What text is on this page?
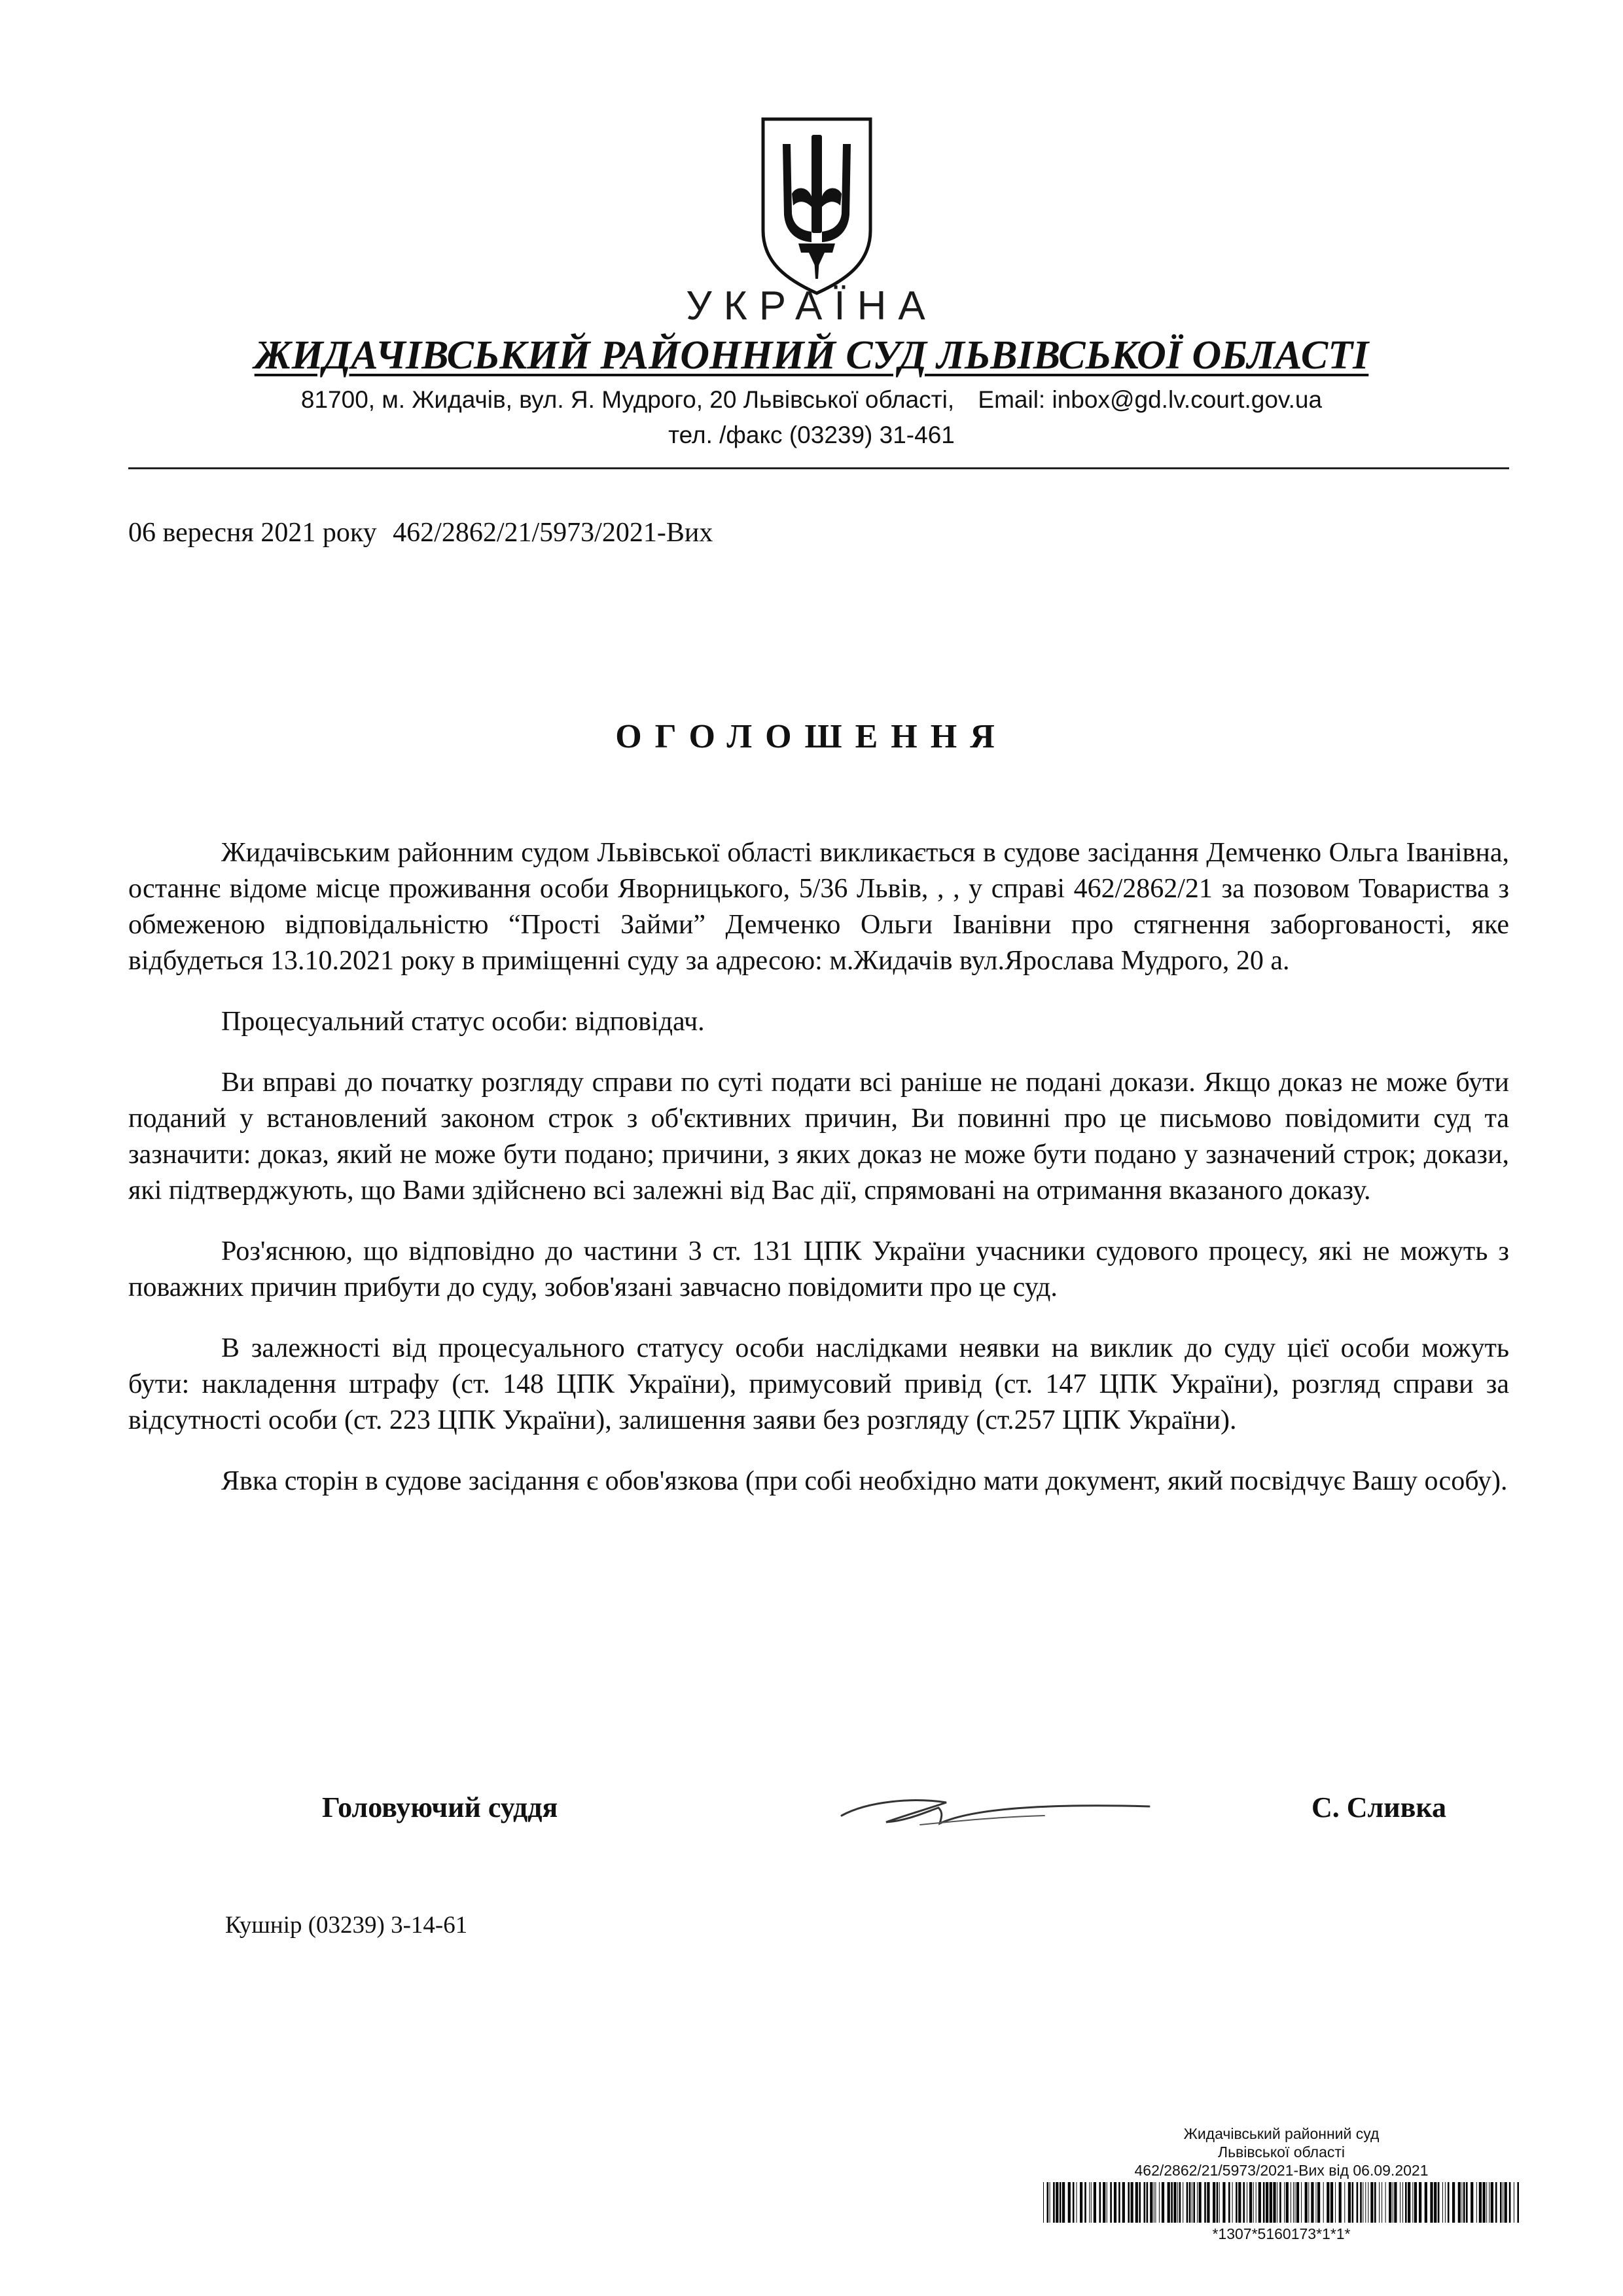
УКРАЇНА
ЖИДАЧІВСЬКИЙ РАЙОННИЙ СУД ЛЬВІВСЬКОЇ ОБЛАСТІ
81700, м. Жидачів, вул. Я. Мудрого, 20 Львівської області, Email: inbox@gd.lv.court.gov.ua
тел. /факс (03239) 31-461
06 вересня 2021 року 462/2862/21/5973/2021-Вих
ОГОЛОШЕННЯ

Жидачівським районним судом Львівської області викликається в судове засідання Демченко Ольга Іванівна, останнє відоме місце проживання особи Яворницького, 5/36 Львів, , , у справі 462/2862/21 за позовом Товариства з обмеженою відповідальністю “Прості Займи” Демченко Ольги Іванівни про стягнення заборгованості, яке відбудеться 13.10.2021 року в приміщенні суду за адресою: м.Жидачів вул.Ярослава Мудрого, 20 а.

Процесуальний статус особи: відповідач.

Ви вправі до початку розгляду справи по суті подати всі раніше не подані докази. Якщо доказ не може бути поданий у встановлений законом строк з об'єктивних причин, Ви повинні про це письмово повідомити суд та зазначити: доказ, який не може бути подано; причини, з яких доказ не може бути подано у зазначений строк; докази, які підтверджують, що Вами здійснено всі залежні від Вас дії, спрямовані на отримання вказаного доказу.

Роз'яснюю, що відповідно до частини 3 ст. 131 ЦПК України учасники судового процесу, які не можуть з поважних причин прибути до суду, зобов'язані завчасно повідомити про це суд.

В залежності від процесуального статусу особи наслідками неявки на виклик до суду цієї особи можуть бути: накладення штрафу (ст. 148 ЦПК України), примусовий привід (ст. 147 ЦПК України), розгляд справи за відсутності особи (ст. 223 ЦПК України), залишення заяви без розгляду (ст.257 ЦПК України).

Явка сторін в судове засідання є обов'язкова (при собі необхідно мати документ, який посвідчує Вашу особу).

Головуючий суддя	С. Сливка
Кушнір (03239) 3-14-61
Жидачівський районний суд
Львівської області
462/2862/21/5973/2021-Вих від 06.09.2021
*1307*5160173*1*1*
